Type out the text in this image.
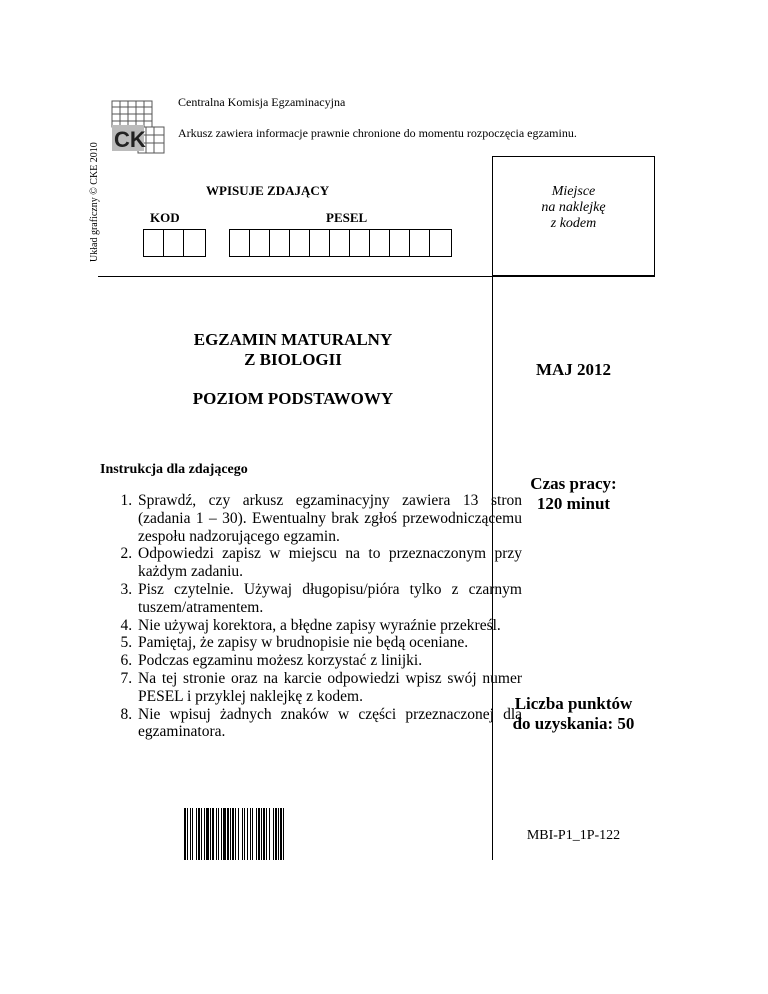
Układ graficzny © CKE 2010
CK
Centralna Komisja Egzaminacyjna
Arkusz zawiera informacje prawnie chronione do momentu rozpoczęcia egzaminu.
WPISUJE ZDAJĄCY
KOD	PESEL
Miejsce
na naklejkę
z kodem
EGZAMIN MATURALNY
Z BIOLOGII
POZIOM PODSTAWOWY
MAJ 2012
Instrukcja dla zdającego
1. Sprawdź, czy arkusz egzaminacyjny zawiera 13 stron (zadania 1 – 30). Ewentualny brak zgłoś przewodniczącemu zespołu nadzorującego egzamin.
2. Odpowiedzi zapisz w miejscu na to przeznaczonym przy każdym zadaniu.
3. Pisz czytelnie. Używaj długopisu/pióra tylko z czarnym tuszem/atramentem.
4. Nie używaj korektora, a błędne zapisy wyraźnie przekreśl.
5. Pamiętaj, że zapisy w brudnopisie nie będą oceniane.
6. Podczas egzaminu możesz korzystać z linijki.
7. Na tej stronie oraz na karcie odpowiedzi wpisz swój numer PESEL i przyklej naklejkę z kodem.
8. Nie wpisuj żadnych znaków w części przeznaczonej dla egzaminatora.
Czas pracy:
120 minut
Liczba punktów
do uzyskania: 50
MBI-P1_1P-122
